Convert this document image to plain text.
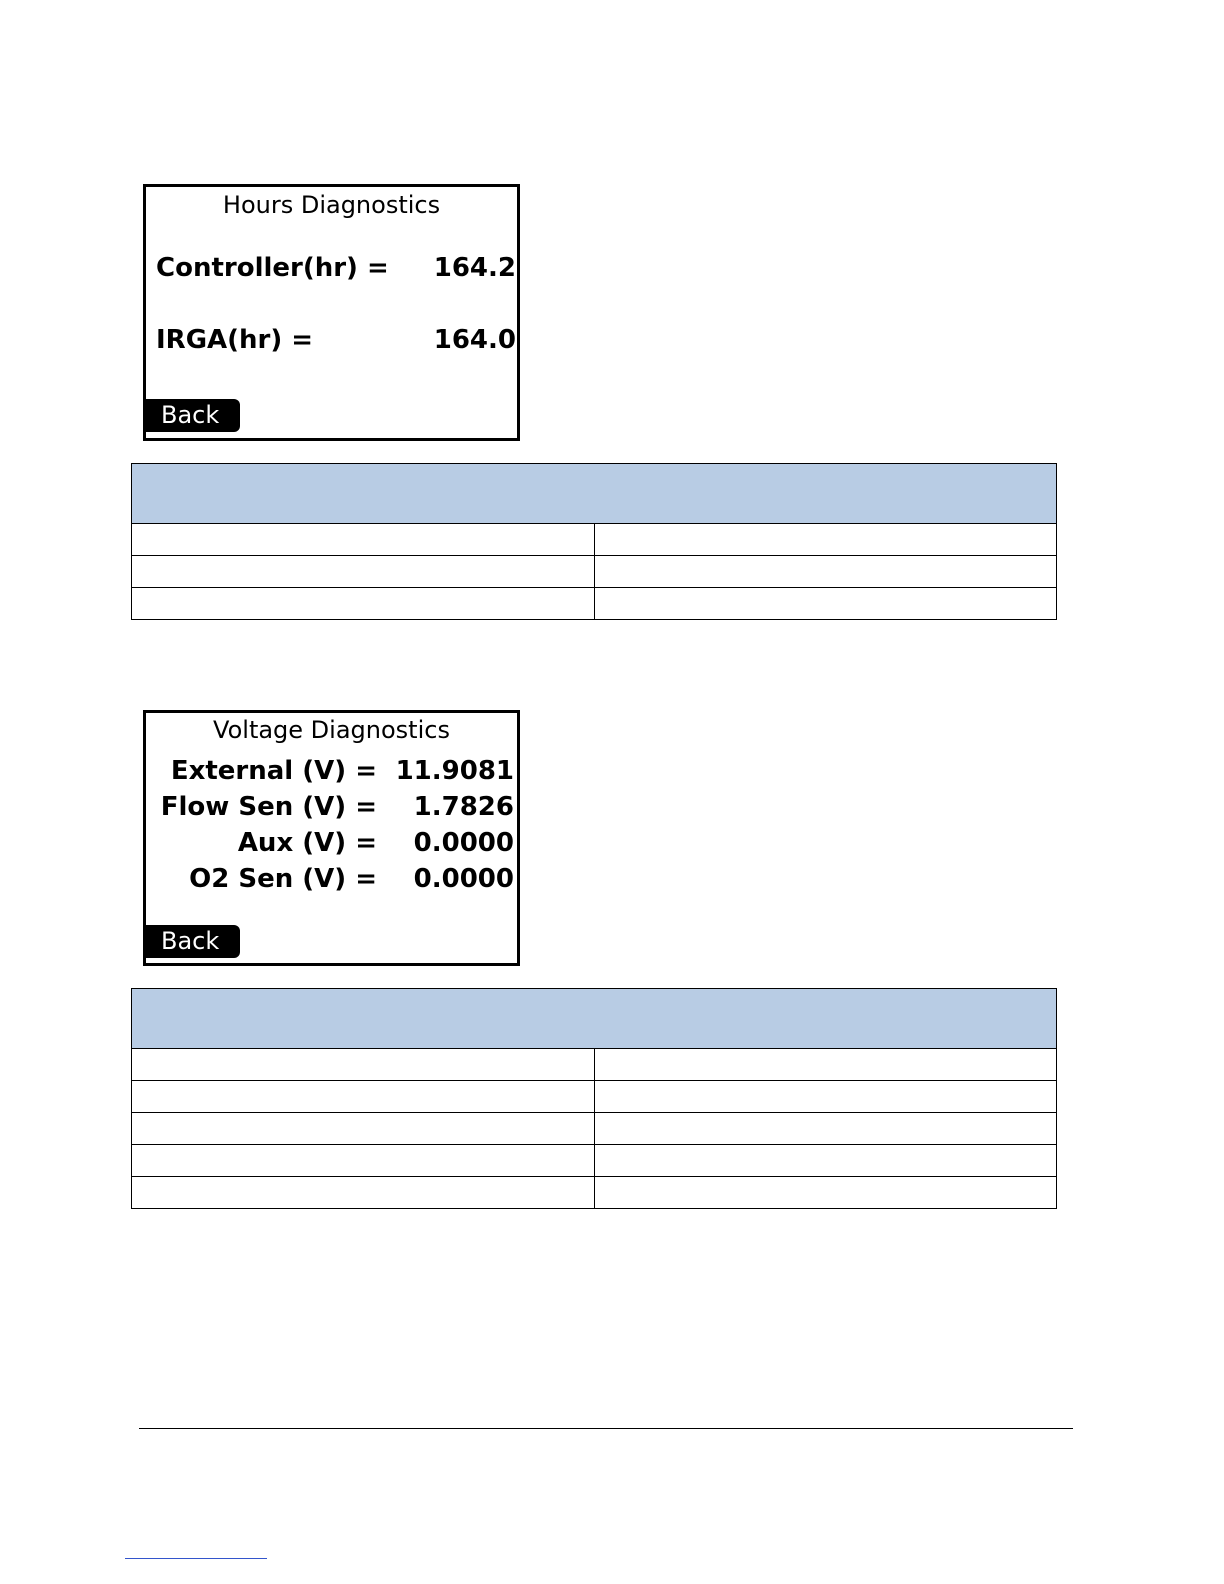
Hours Diagnostics
Controller(hr) = 164.2
IRGA(hr) =	164.0
Back

Voltage Diagnostics
External (V) = 11.9081
Flow Sen (V) = 1.7826
Aux (V) = 0.0000
O2 Sen (V) = 0.0000
Back
